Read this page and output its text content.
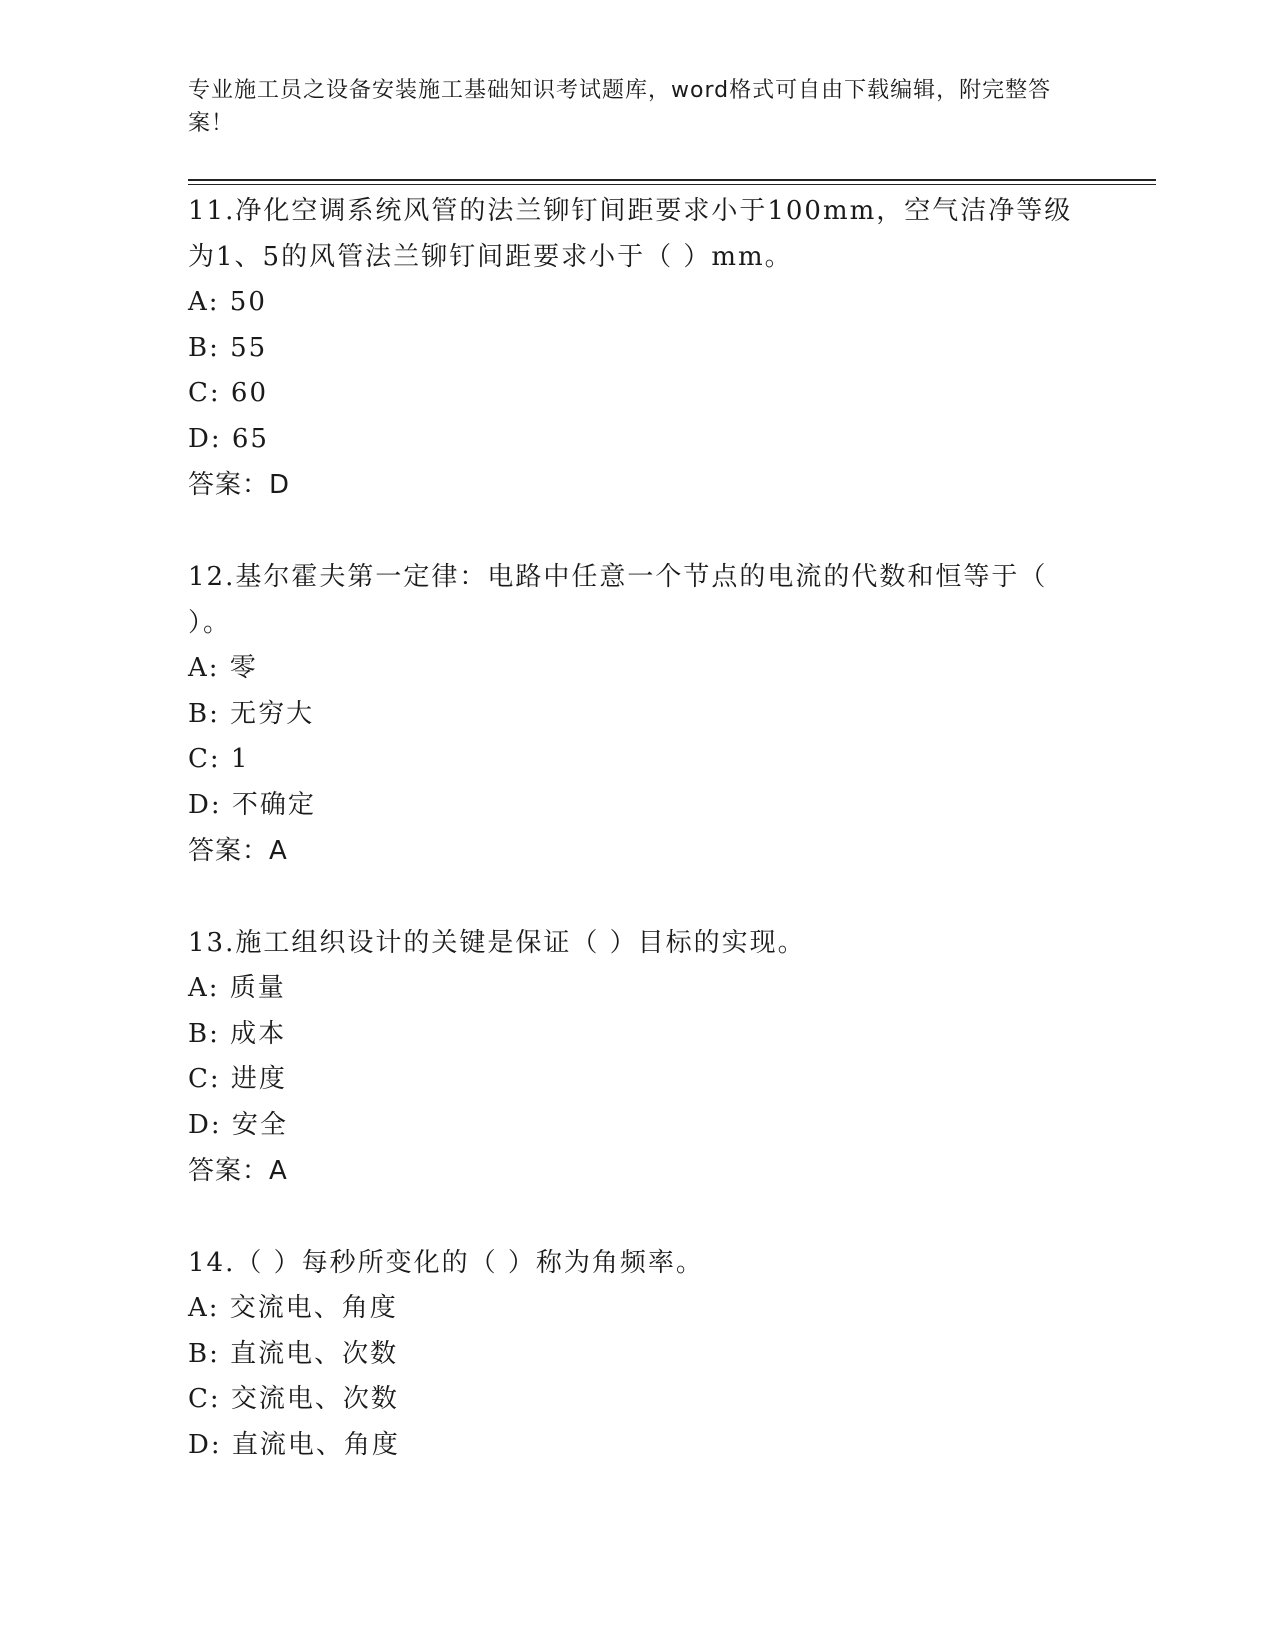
专业施工员之设备安装施工基础知识考试题库，word格式可自由下载编辑，附完整答案！

11.净化空调系统风管的法兰铆钉间距要求小于100mm，空气洁净等级为1、5的风管法兰铆钉间距要求小于（ ）mm。

A: 50

B: 55

C: 60

D: 65

答案：D

12.基尔霍夫第一定律：电路中任意一个节点的电流的代数和恒等于（ ）。

A: 零

B: 无穷大

C: 1

D: 不确定

答案：A

13.施工组织设计的关键是保证（ ）目标的实现。

A: 质量

B: 成本

C: 进度

D: 安全

答案：A

14.（ ）每秒所变化的（ ）称为角频率。

A: 交流电、角度

B: 直流电、次数

C: 交流电、次数

D: 直流电、角度
